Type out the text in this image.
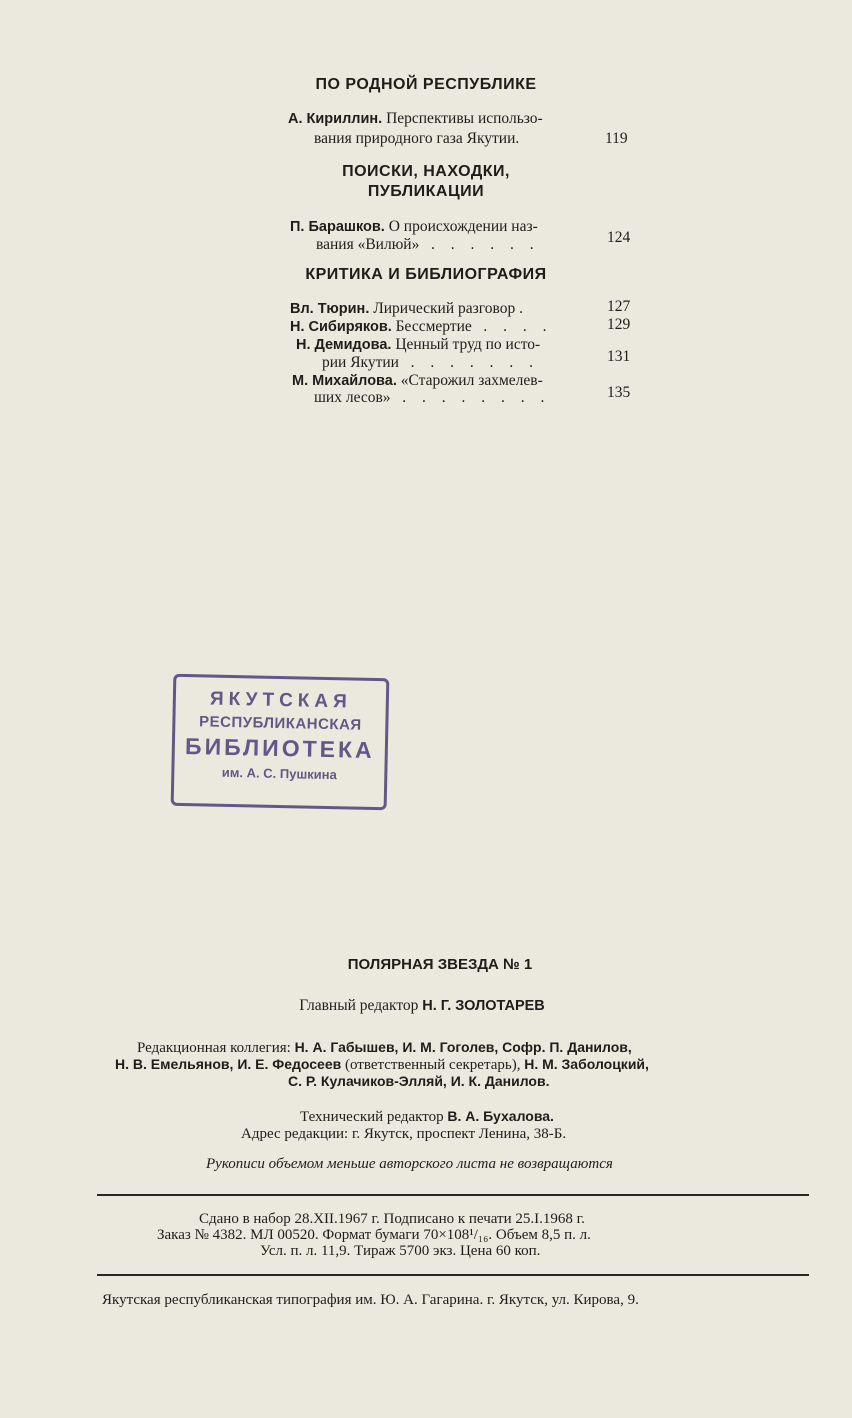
ПО РОДНОЙ РЕСПУБЛИКЕ
А. Кириллин. Перспективы использо-
вания природного газа Якутии.	119
ПОИСКИ, НАХОДКИ,
ПУБЛИКАЦИИ
П. Барашков. О происхождении наз-
вания «Вилюй» . . . . . .	124
КРИТИКА И БИБЛИОГРАФИЯ
Вл. Тюрин. Лирический разговор .	127
Н. Сибиряков. Бессмертие . . . .	129
Н. Демидова. Ценный труд по исто-
рии Якутии . . . . . . .	131
М. Михайлова. «Старожил захмелев-
ших лесов» . . . . . . . .	135
ЯКУТСКАЯ
РЕСПУБЛИКАНСКАЯ
БИБЛИОТЕКА
им. А. С. Пушкина
ПОЛЯРНАЯ ЗВЕЗДА № 1
Главный редактор Н. Г. ЗОЛОТАРЕВ
Редакционная коллегия: Н. А. Габышев, И. М. Гоголев, Софр. П. Данилов,
Н. В. Емельянов, И. Е. Федосеев (ответственный секретарь), Н. М. Заболоцкий,
С. Р. Кулачиков-Элляй, И. К. Данилов.
Технический редактор В. А. Бухалова.
Адрес редакции: г. Якутск, проспект Ленина, 38-Б.
Рукописи объемом меньше авторского листа не возвращаются
Сдано в набор 28.XII.1967 г. Подписано к печати 25.I.1968 г.
Заказ № 4382. МЛ 00520. Формат бумаги 70×108¹/₁₆. Объем 8,5 п. л.
Усл. п. л. 11,9. Тираж 5700 экз. Цена 60 коп.
Якутская республиканская типография им. Ю. А. Гагарина. г. Якутск, ул. Кирова, 9.
